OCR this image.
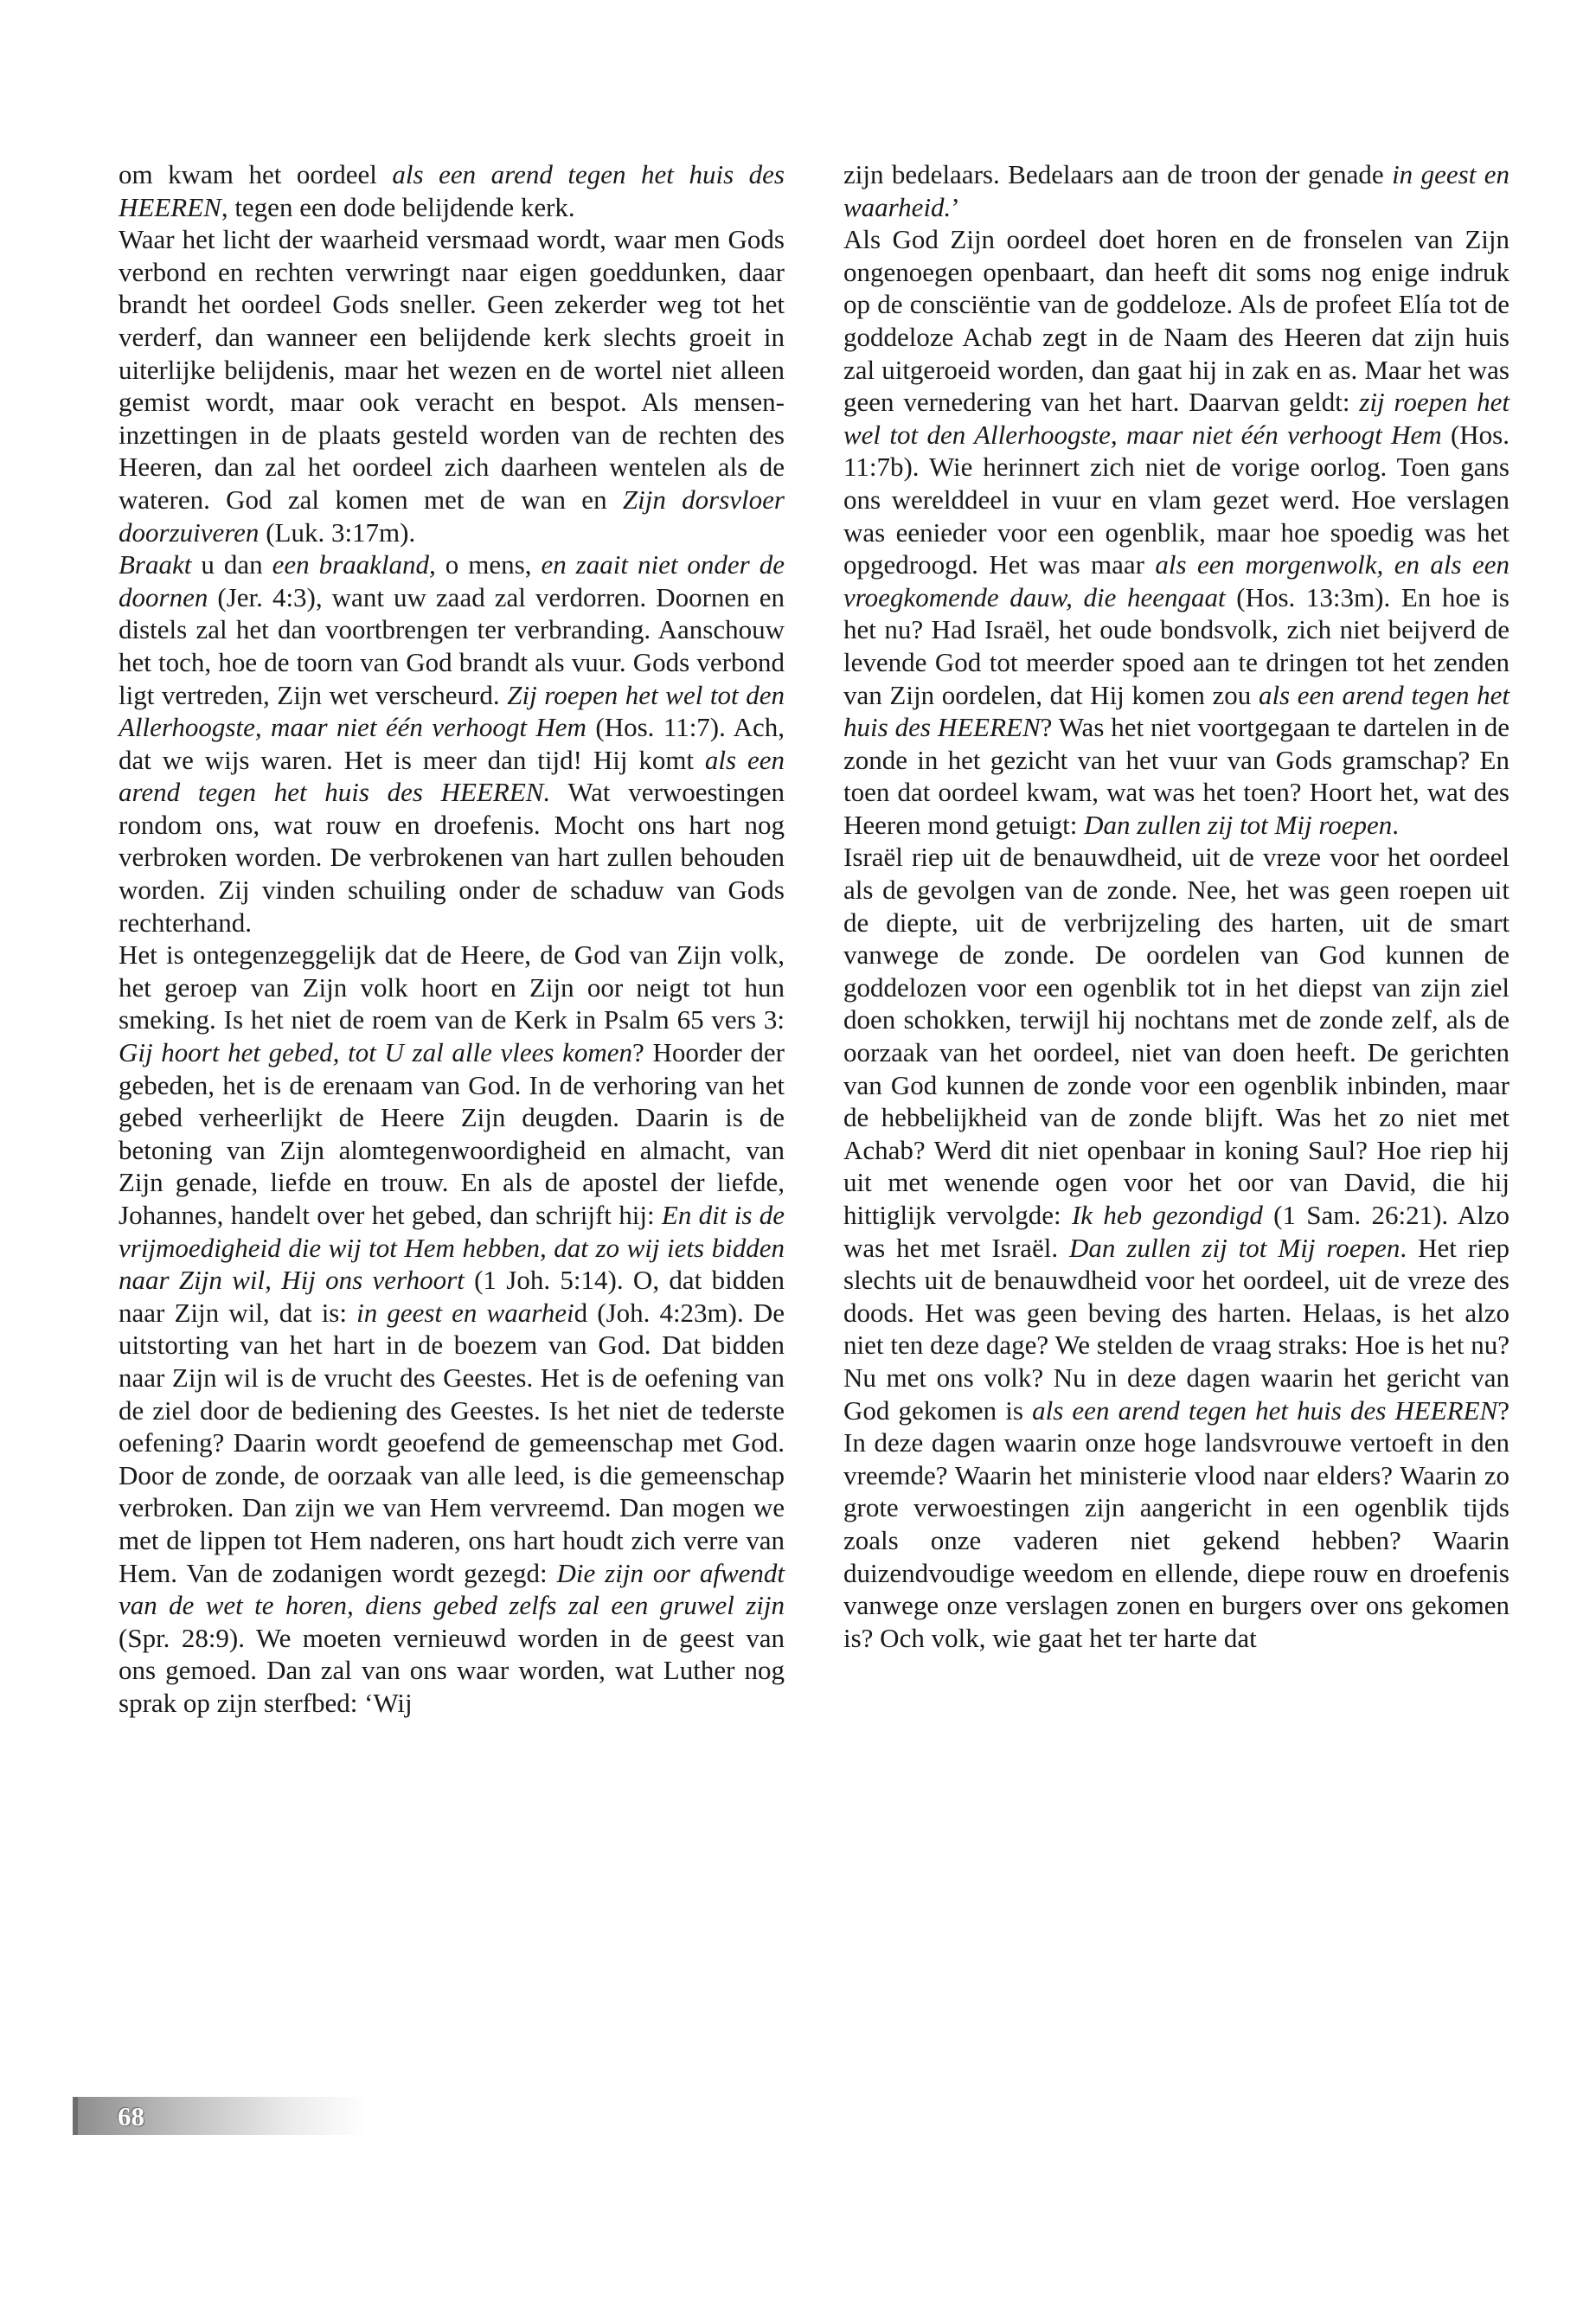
om kwam het oordeel als een arend tegen het huis des HEEREN, tegen een dode belijdende kerk.

Waar het licht der waarheid versmaad wordt, waar men Gods verbond en rechten verwringt naar eigen goeddunken, daar brandt het oordeel Gods sneller. Geen zekerder weg tot het verderf, dan wanneer een belijdende kerk slechts groeit in uiterlijke belijdenis, maar het wezen en de wortel niet alleen gemist wordt, maar ook veracht en bespot. Als menseninzettingen in de plaats gesteld worden van de rechten des Heeren, dan zal het oordeel zich daarheen wentelen als de wateren. God zal komen met de wan en Zijn dorsvloer doorzuiveren (Luk. 3:17m).

Braakt u dan een braakland, o mens, en zaait niet onder de doornen (Jer. 4:3), want uw zaad zal verdorren. Doornen en distels zal het dan voortbrengen ter verbranding. Aanschouw het toch, hoe de toorn van God brandt als vuur. Gods verbond ligt vertreden, Zijn wet verscheurd. Zij roepen het wel tot den Allerhoogste, maar niet één verhoogt Hem (Hos. 11:7). Ach, dat we wijs waren. Het is meer dan tijd! Hij komt als een arend tegen het huis des HEEREN. Wat verwoestingen rondom ons, wat rouw en droefenis. Mocht ons hart nog verbroken worden. De verbrokenen van hart zullen behouden worden. Zij vinden schuiling onder de schaduw van Gods rechterhand.

Het is ontegenzeggelijk dat de Heere, de God van Zijn volk, het geroep van Zijn volk hoort en Zijn oor neigt tot hun smeking. Is het niet de roem van de Kerk in Psalm 65 vers 3: Gij hoort het gebed, tot U zal alle vlees komen? Hoorder der gebeden, het is de erenaam van God. In de verhoring van het gebed verheerlijkt de Heere Zijn deugden. Daarin is de betoning van Zijn alomtegenwoordigheid en almacht, van Zijn genade, liefde en trouw. En als de apostel der liefde, Johannes, handelt over het gebed, dan schrijft hij: En dit is de vrijmoedigheid die wij tot Hem hebben, dat zo wij iets bidden naar Zijn wil, Hij ons verhoort (1 Joh. 5:14). O, dat bidden naar Zijn wil, dat is: in geest en waarheid (Joh. 4:23m). De uitstorting van het hart in de boezem van God. Dat bidden naar Zijn wil is de vrucht des Geestes. Het is de oefening van de ziel door de bediening des Geestes. Is het niet de tederste oefening? Daarin wordt geoefend de gemeenschap met God. Door de zonde, de oorzaak van alle leed, is die gemeenschap verbroken. Dan zijn we van Hem vervreemd. Dan mogen we met de lippen tot Hem naderen, ons hart houdt zich verre van Hem. Van de zodanigen wordt gezegd: Die zijn oor afwendt van de wet te horen, diens gebed zelfs zal een gruwel zijn (Spr. 28:9). We moeten vernieuwd worden in de geest van ons gemoed. Dan zal van ons waar worden, wat Luther nog sprak op zijn sterfbed: ‘Wij

zijn bedelaars. Bedelaars aan de troon der genade in geest en waarheid.’

Als God Zijn oordeel doet horen en de fronselen van Zijn ongenoegen openbaart, dan heeft dit soms nog enige indruk op de consciëntie van de goddeloze. Als de profeet Elía tot de goddeloze Achab zegt in de Naam des Heeren dat zijn huis zal uitgeroeid worden, dan gaat hij in zak en as. Maar het was geen vernedering van het hart. Daarvan geldt: zij roepen het wel tot den Allerhoogste, maar niet één verhoogt Hem (Hos. 11:7b). Wie herinnert zich niet de vorige oorlog. Toen gans ons werelddeel in vuur en vlam gezet werd. Hoe verslagen was eenieder voor een ogenblik, maar hoe spoedig was het opgedroogd. Het was maar als een morgenwolk, en als een vroegkomende dauw, die heengaat (Hos. 13:3m). En hoe is het nu? Had Israël, het oude bondsvolk, zich niet beijverd de levende God tot meerder spoed aan te dringen tot het zenden van Zijn oordelen, dat Hij komen zou als een arend tegen het huis des HEEREN? Was het niet voortgegaan te dartelen in de zonde in het gezicht van het vuur van Gods gramschap? En toen dat oordeel kwam, wat was het toen? Hoort het, wat des Heeren mond getuigt: Dan zullen zij tot Mij roepen.

Israël riep uit de benauwdheid, uit de vreze voor het oordeel als de gevolgen van de zonde. Nee, het was geen roepen uit de diepte, uit de verbrijzeling des harten, uit de smart vanwege de zonde. De oordelen van God kunnen de goddelozen voor een ogenblik tot in het diepst van zijn ziel doen schokken, terwijl hij nochtans met de zonde zelf, als de oorzaak van het oordeel, niet van doen heeft. De gerichten van God kunnen de zonde voor een ogenblik inbinden, maar de hebbelijkheid van de zonde blijft. Was het zo niet met Achab? Werd dit niet openbaar in koning Saul? Hoe riep hij uit met wenende ogen voor het oor van David, die hij hittiglijk vervolgde: Ik heb gezondigd (1 Sam. 26:21). Alzo was het met Israël. Dan zullen zij tot Mij roepen. Het riep slechts uit de benauwdheid voor het oordeel, uit de vreze des doods. Het was geen beving des harten. Helaas, is het alzo niet ten deze dage? We stelden de vraag straks: Hoe is het nu? Nu met ons volk? Nu in deze dagen waarin het gericht van God gekomen is als een arend tegen het huis des HEEREN? In deze dagen waarin onze hoge landsvrouwe vertoeft in den vreemde? Waarin het ministerie vlood naar elders? Waarin zo grote verwoestingen zijn aangericht in een ogenblik tijds zoals onze vaderen niet gekend hebben? Waarin duizendvoudige weedom en ellende, diepe rouw en droefenis vanwege onze verslagen zonen en burgers over ons gekomen is? Och volk, wie gaat het ter harte dat

68
